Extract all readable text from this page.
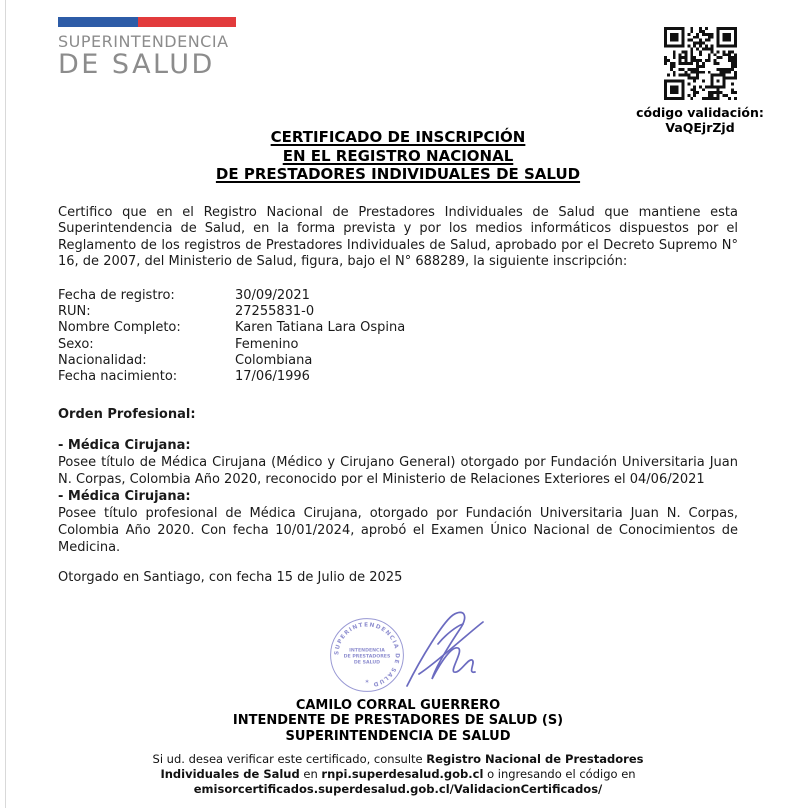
SUPERINTENDENCIA
DE SALUD
código validación:
VaQEjrZjd
CERTIFICADO DE INSCRIPCIÓN
EN EL REGISTRO NACIONAL
DE PRESTADORES INDIVIDUALES DE SALUD

Certifico que en el Registro Nacional de Prestadores Individuales de Salud que mantiene esta Superintendencia de Salud, en la forma prevista y por los medios informáticos dispuestos por el Reglamento de los registros de Prestadores Individuales de Salud, aprobado por el Decreto Supremo N° 16, de 2007, del Ministerio de Salud, figura, bajo el N° 688289, la siguiente inscripción:

Fecha de registro:	30/09/2021
RUN:	27255831-0
Nombre Completo:	Karen Tatiana Lara Ospina
Sexo:	Femenino
Nacionalidad:	Colombiana
Fecha nacimiento:	17/06/1996
Orden Profesional:
- Médica Cirujana:
Posee título de Médica Cirujana (Médico y Cirujano General) otorgado por Fundación Universitaria Juan N. Corpas, Colombia Año 2020, reconocido por el Ministerio de Relaciones Exteriores el 04/06/2021
- Médica Cirujana:
Posee título profesional de Médica Cirujana, otorgado por Fundación Universitaria Juan N. Corpas, Colombia Año 2020. Con fecha 10/01/2024, aprobó el Examen Único Nacional de Conocimientos de Medicina.
Otorgado en Santiago, con fecha 15 de Julio de 2025
SUPERINTENDENCIA DE SALUD
INTENDENCIA
DE PRESTADORES
DE SALUD
✶
CAMILO CORRAL GUERRERO
INTENDENTE DE PRESTADORES DE SALUD (S)
SUPERINTENDENCIA DE SALUD
Si ud. desea verificar este certificado, consulte Registro Nacional de Prestadores
Individuales de Salud en rnpi.superdesalud.gob.cl o ingresando el código en
emisorcertificados.superdesalud.gob.cl/ValidacionCertificados/
